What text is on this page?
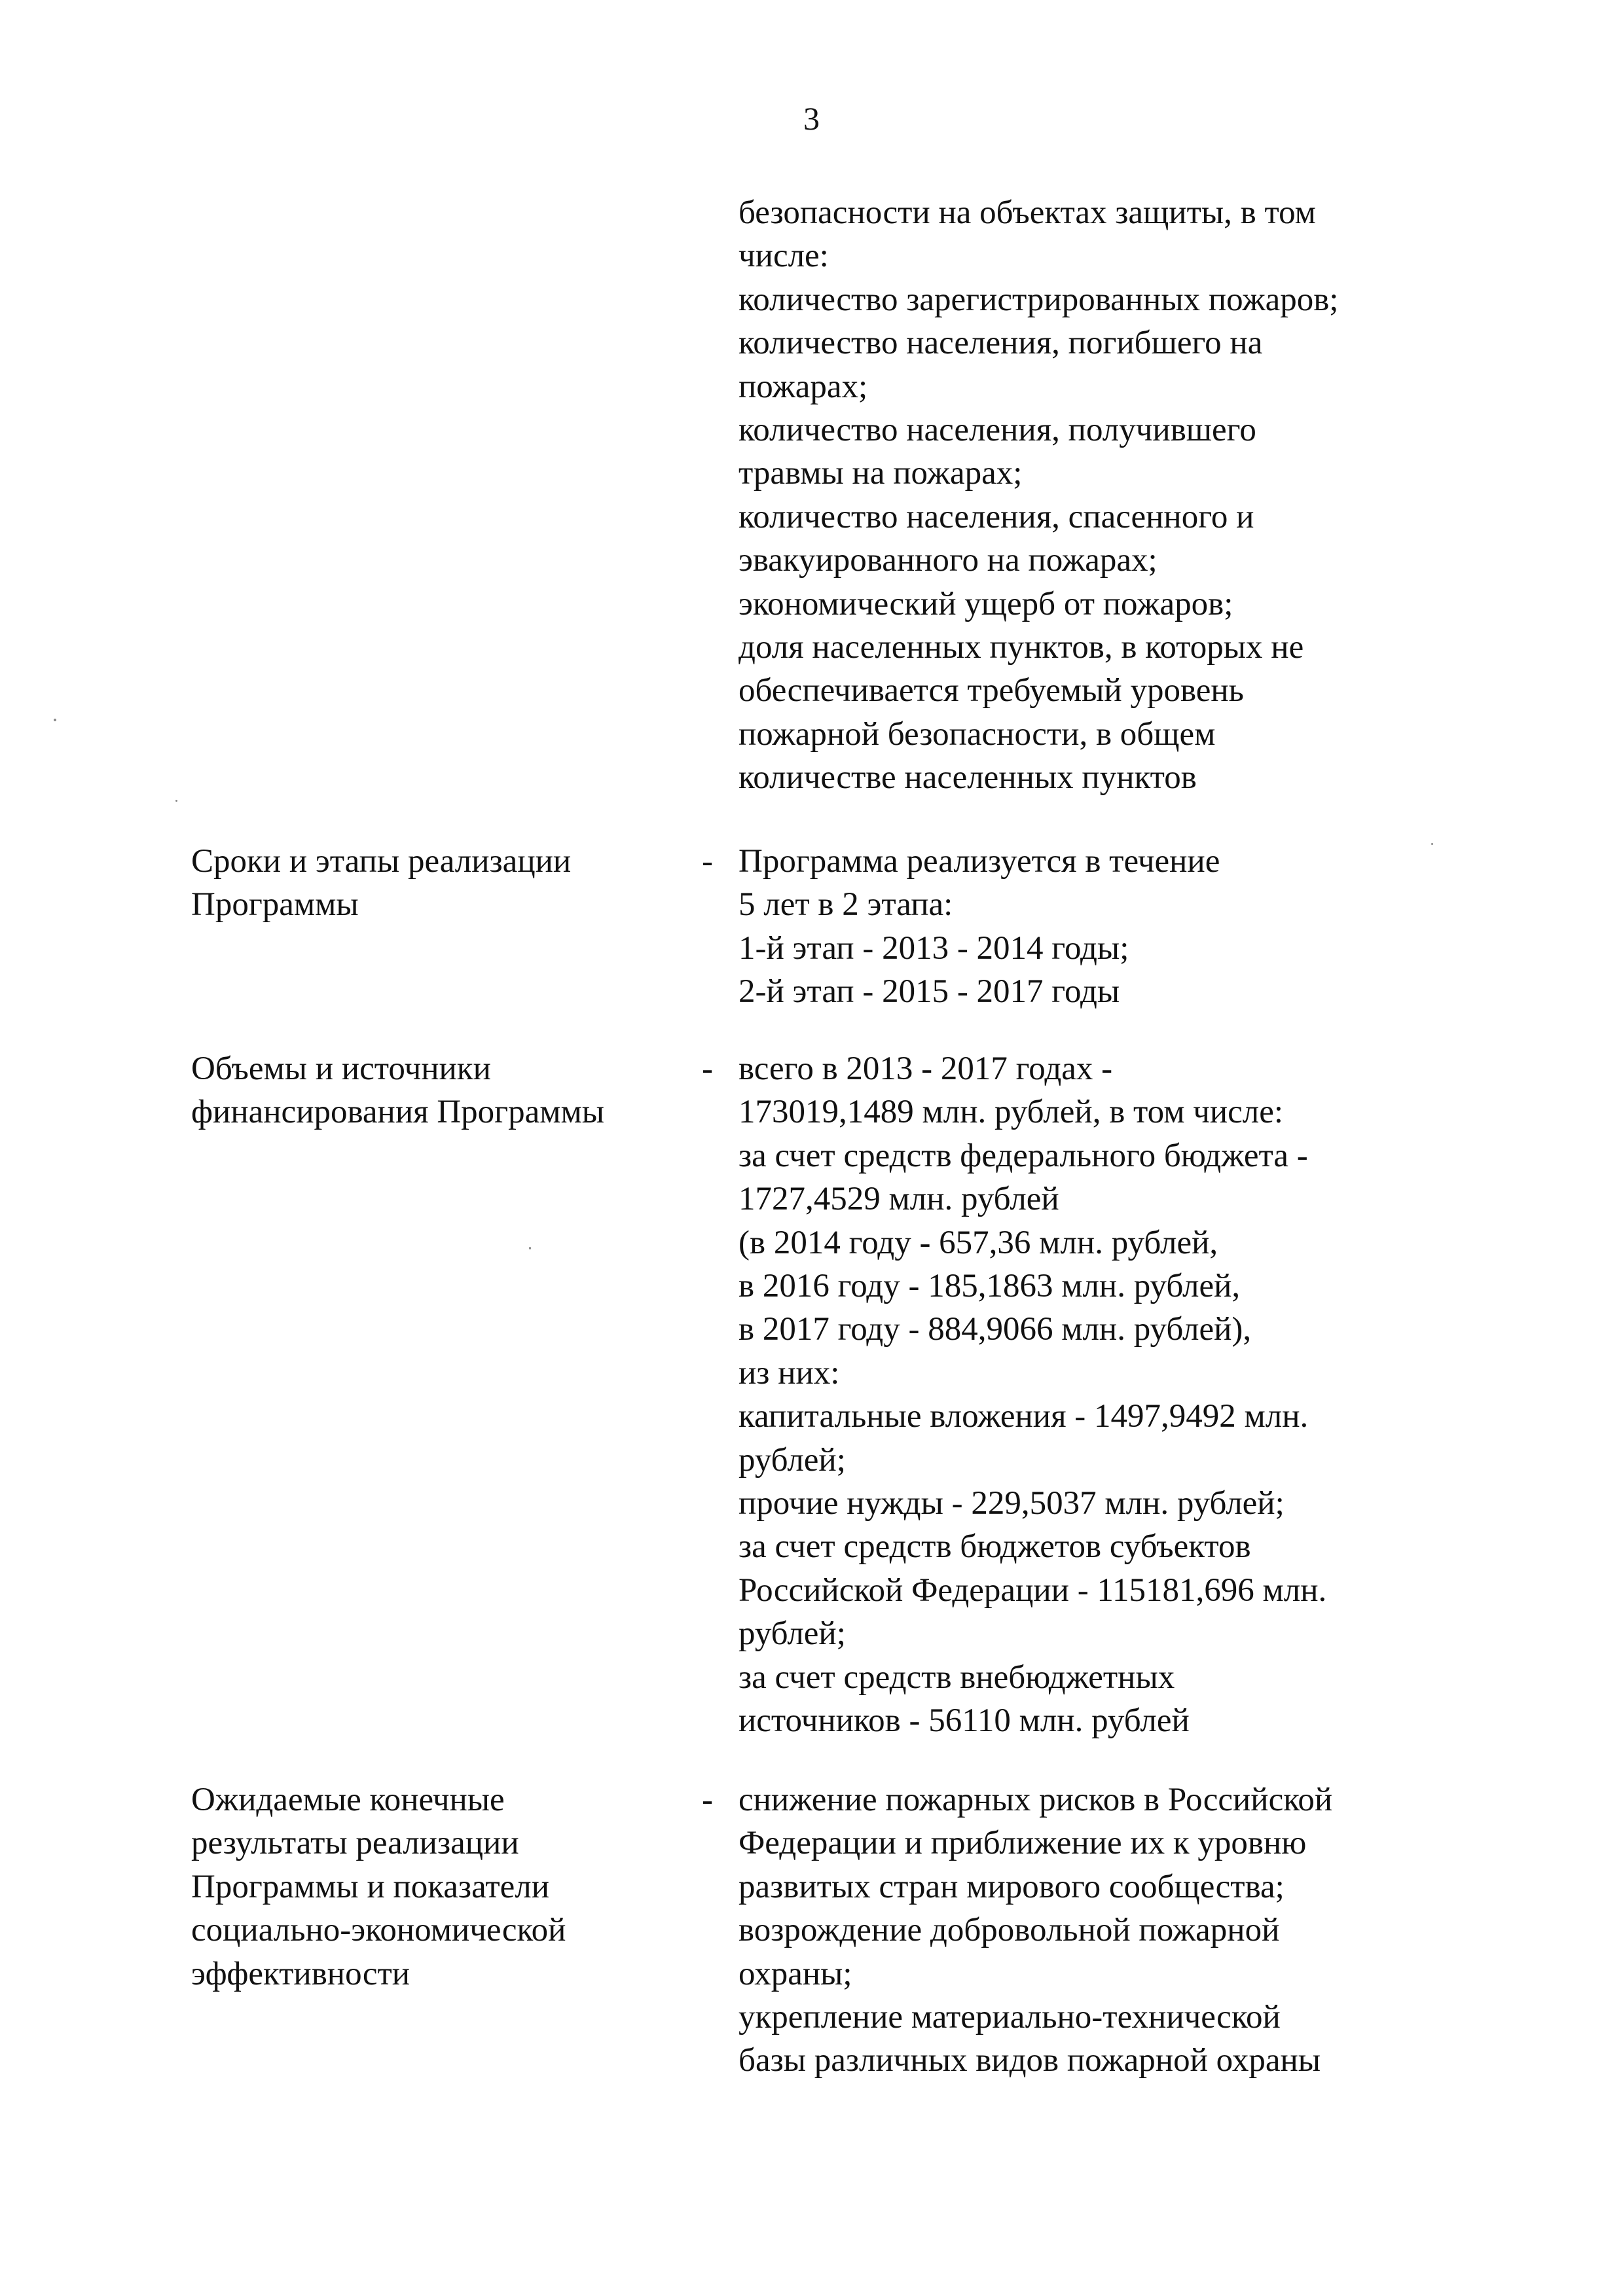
3
безопасности на объектах защиты, в том
числе:
количество зарегистрированных пожаров;
количество населения, погибшего на
пожарах;
количество населения, получившего
травмы на пожарах;
количество населения, спасенного и
эвакуированного на пожарах;
экономический ущерб от пожаров;
доля населенных пунктов, в которых не
обеспечивается требуемый уровень
пожарной безопасности, в общем
количестве населенных пунктов
Сроки и этапы реализации
Программы
- Программа реализуется в течение
5 лет в 2 этапа:
1-й этап - 2013 - 2014 годы;
2-й этап - 2015 - 2017 годы
Объемы и источники
финансирования Программы
- всего в 2013 - 2017 годах -
173019,1489 млн. рублей, в том числе:
за счет средств федерального бюджета -
1727,4529 млн. рублей
(в 2014 году - 657,36 млн. рублей,
в 2016 году - 185,1863 млн. рублей,
в 2017 году - 884,9066 млн. рублей),
из них:
капитальные вложения - 1497,9492 млн.
рублей;
прочие нужды - 229,5037 млн. рублей;
за счет средств бюджетов субъектов
Российской Федерации - 115181,696 млн.
рублей;
за счет средств внебюджетных
источников - 56110 млн. рублей
Ожидаемые конечные
результаты реализации
Программы и показатели
социально-экономической
эффективности
- снижение пожарных рисков в Российской
Федерации и приближение их к уровню
развитых стран мирового сообщества;
возрождение добровольной пожарной
охраны;
укрепление материально-технической
базы различных видов пожарной охраны
